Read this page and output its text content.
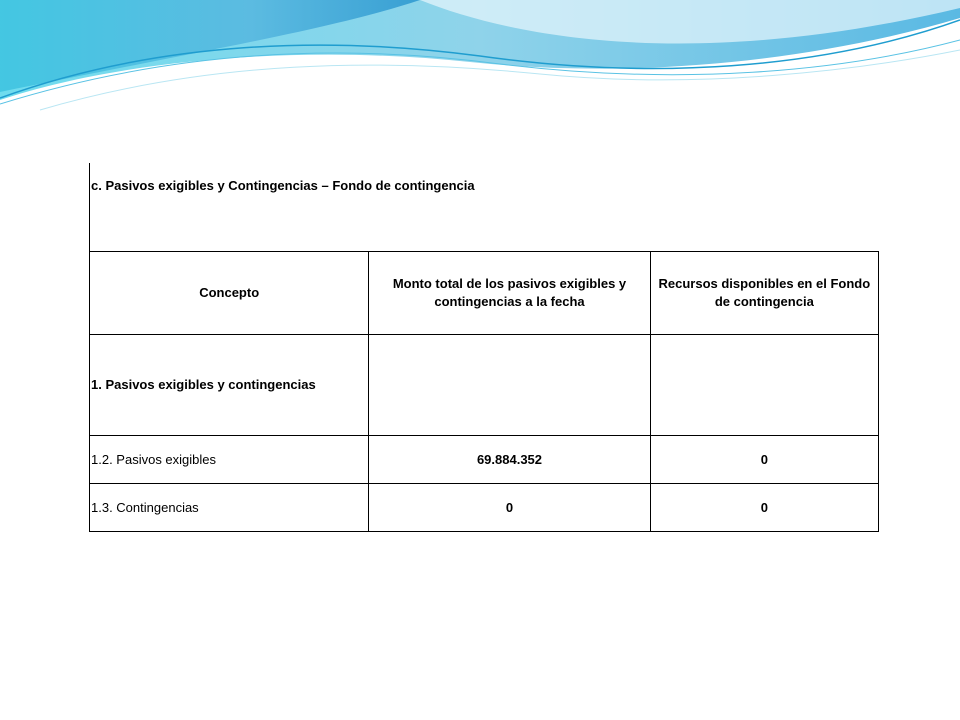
c. Pasivos exigibles y Contingencias – Fondo de contingencia		
Concepto	Monto total de los pasivos exigibles y contingencias a la fecha	Recursos disponibles en el Fondo de contingencia
1. Pasivos exigibles y contingencias		
1.2. Pasivos exigibles	69.884.352	0
1.3. Contingencias	0	0
